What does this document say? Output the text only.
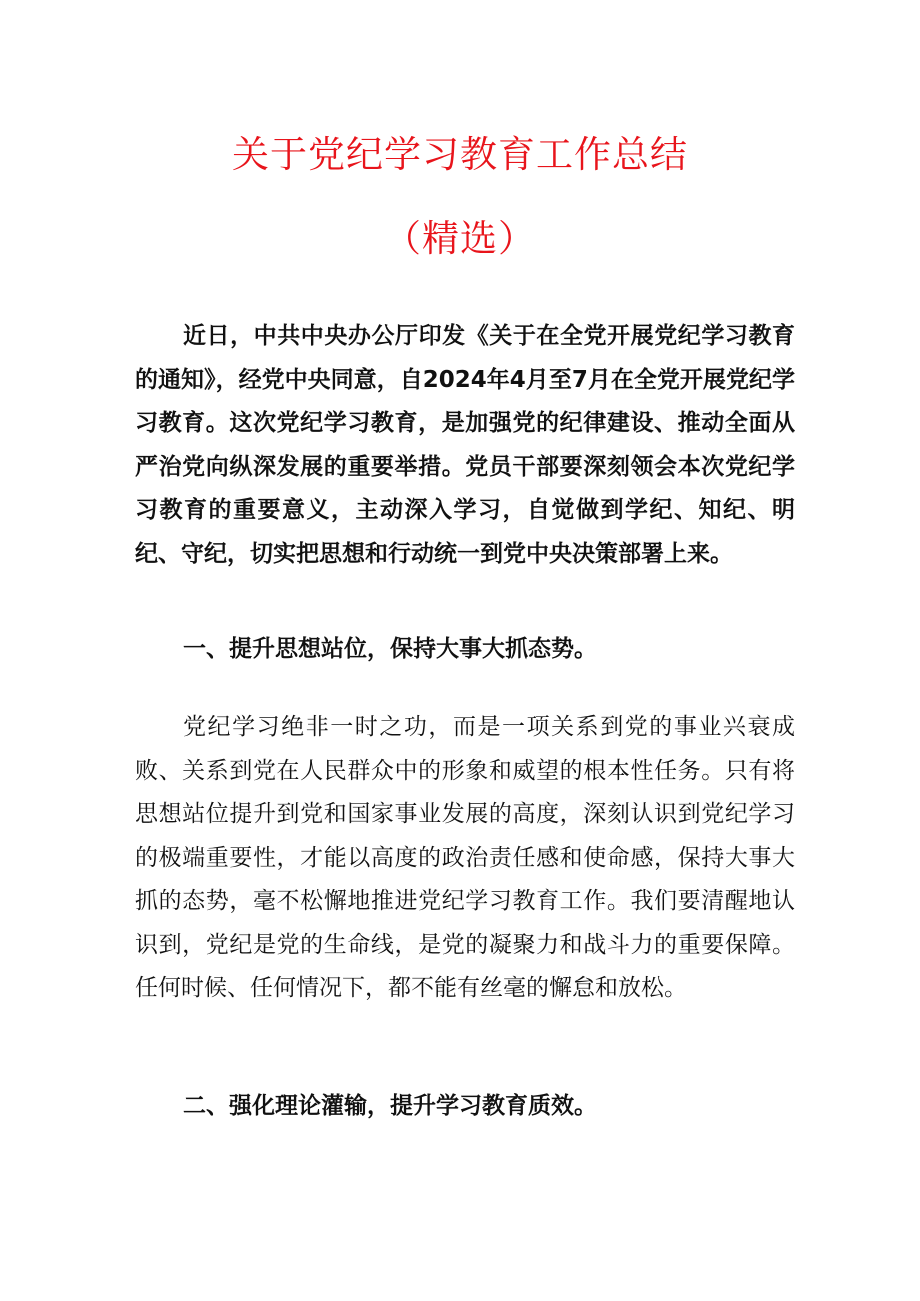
关于党纪学习教育工作总结
（精选）

近日，中共中央办公厅印发《关于在全党开展党纪学习教育的通知》，经党中央同意，自2024年4月至7月在全党开展党纪学习教育。这次党纪学习教育，是加强党的纪律建设、推动全面从严治党向纵深发展的重要举措。党员干部要深刻领会本次党纪学习教育的重要意义，主动深入学习，自觉做到学纪、知纪、明纪、守纪，切实把思想和行动统一到党中央决策部署上来。

一、提升思想站位，保持大事大抓态势。

党纪学习绝非一时之功，而是一项关系到党的事业兴衰成败、关系到党在人民群众中的形象和威望的根本性任务。只有将思想站位提升到党和国家事业发展的高度，深刻认识到党纪学习的极端重要性，才能以高度的政治责任感和使命感，保持大事大抓的态势，毫不松懈地推进党纪学习教育工作。我们要清醒地认识到，党纪是党的生命线，是党的凝聚力和战斗力的重要保障。任何时候、任何情况下，都不能有丝毫的懈怠和放松。

二、强化理论灌输，提升学习教育质效。
